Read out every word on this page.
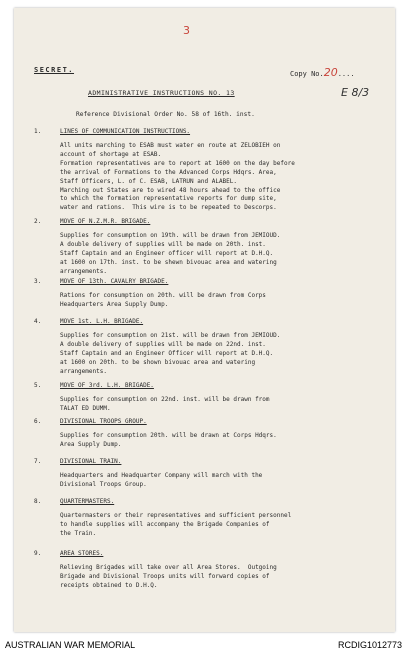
3
SECRET.	Copy No.20....
E 8/3
ADMINISTRATIVE INSTRUCTIONS NO. 13
Reference Divisional Order No. 58 of 16th. inst.
1.	LINES OF COMMUNICATION INSTRUCTIONS.
All units marching to ESAB must water en route at ZELOBIEH on
account of shortage at ESAB.
Formation representatives are to report at 1600 on the day before
the arrival of Formations to the Advanced Corps Hdqrs. Area,
Staff Officers, L. of C. ESAB, LATRUN and ALABEL.
Marching out States are to wired 48 hours ahead to the office
to which the formation representative reports for dump site,
water and rations.  This wire is to be repeated to Descorps.
2.	MOVE OF N.Z.M.R. BRIGADE.
Supplies for consumption on 19th. will be drawn from JEMIOUD.
A double delivery of supplies will be made on 20th. inst.
Staff Captain and an Engineer officer will report at D.H.Q.
at 1600 on 17th. inst. to be shewn bivouac area and watering
arrangements.
3.	MOVE OF 13th. CAVALRY BRIGADE.
Rations for consumption on 20th. will be drawn from Corps
Headquarters Area Supply Dump.
4.	MOVE 1st. L.H. BRIGADE.
Supplies for consumption on 21st. will be drawn from JEMIOUD.
A double delivery of supplies will be made on 22nd. inst.
Staff Captain and an Engineer Officer will report at D.H.Q.
at 1600 on 20th. to be shown bivouac area and watering
arrangements.
5.	MOVE OF 3rd. L.H. BRIGADE.
Supplies for consumption on 22nd. inst. will be drawn from
TALAT ED DUMM.
6.	DIVISIONAL TROOPS GROUP.
Supplies for consumption 20th. will be drawn at Corps Hdqrs.
Area Supply Dump.
7.	DIVISIONAL TRAIN.
Headquarters and Headquarter Company will march with the
Divisional Troops Group.
8.	QUARTERMASTERS.
Quartermasters or their representatives and sufficient personnel
to handle supplies will accompany the Brigade Companies of
the Train.
9.	AREA STORES.
Relieving Brigades will take over all Area Stores.  Outgoing
Brigade and Divisional Troops units will forward copies of
receipts obtained to D.H.Q.
AUSTRALIAN WAR MEMORIAL	RCDIG1012773
